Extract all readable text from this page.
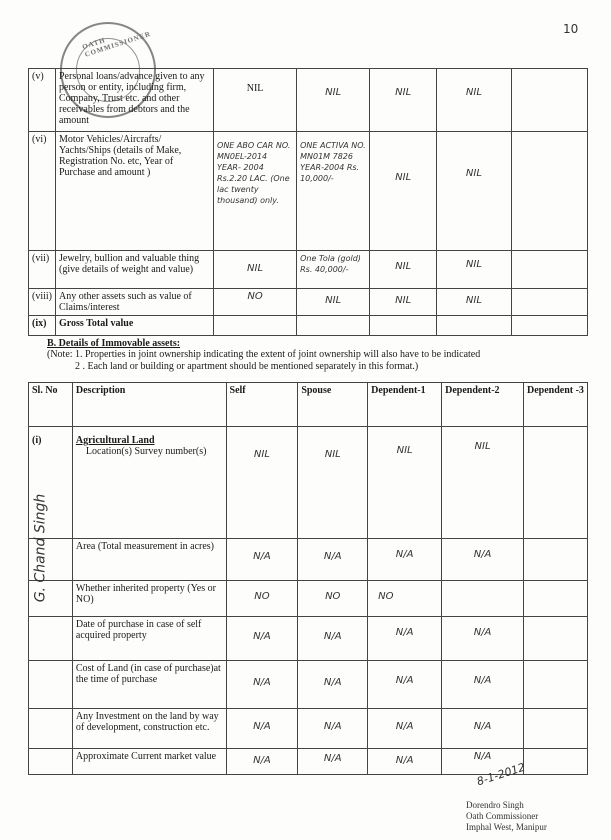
10
OATH COMMISSIONER
(v)	Personal loans/advance given to any person or entity, including firm, Company, Trust etc. and other receivables from debtors and the amount	NIL	NIL	NIL	NIL	
(vi)	Motor Vehicles/Aircrafts/ Yachts/Ships (details of Make, Registration No. etc, Year of Purchase and amount )	ONE ABO CAR NO. MN0EL-2014 YEAR- 2004 Rs.2.20 LAC. (One lac twenty thousand) only.	ONE ACTIVA NO. MN01M 7826 YEAR-2004 Rs. 10,000/-	NIL	NIL	
(vii)	Jewelry, bullion and valuable thing (give details of weight and value)	NIL	One Tola (gold) Rs. 40,000/-	NIL	NIL	
(viii)	Any other assets such as value of Claims/interest	NO	NIL	NIL	NIL	
(ix)	Gross Total value					
B. Details of Immovable assets:
(Note: 1. Properties in joint ownership indicating the extent of joint ownership will also have to be indicated
2 . Each land or building or apartment should be mentioned separately in this format.)
Sl. No	Description	Self	Spouse	Dependent-1	Dependent-2	Dependent -3
(i)	Agricultural Land
Location(s) Survey number(s)	NIL	NIL	NIL	NIL	
	Area (Total measurement in acres)	N/A	N/A	N/A	N/A	
	Whether inherited property (Yes or NO)	NO	NO	NO		
	Date of purchase in case of self acquired property	N/A	N/A	N/A	N/A	
	Cost of Land (in case of purchase)at the time of purchase	N/A	N/A	N/A	N/A	
	Any Investment on the land by way of development, construction etc.	N/A	N/A	N/A	N/A	
	Approximate Current market value	N/A	N/A	N/A	N/A	
G. Chand Singh
8-1-2012
Dorendro Singh
Oath Commissioner
Imphal West, Manipur
